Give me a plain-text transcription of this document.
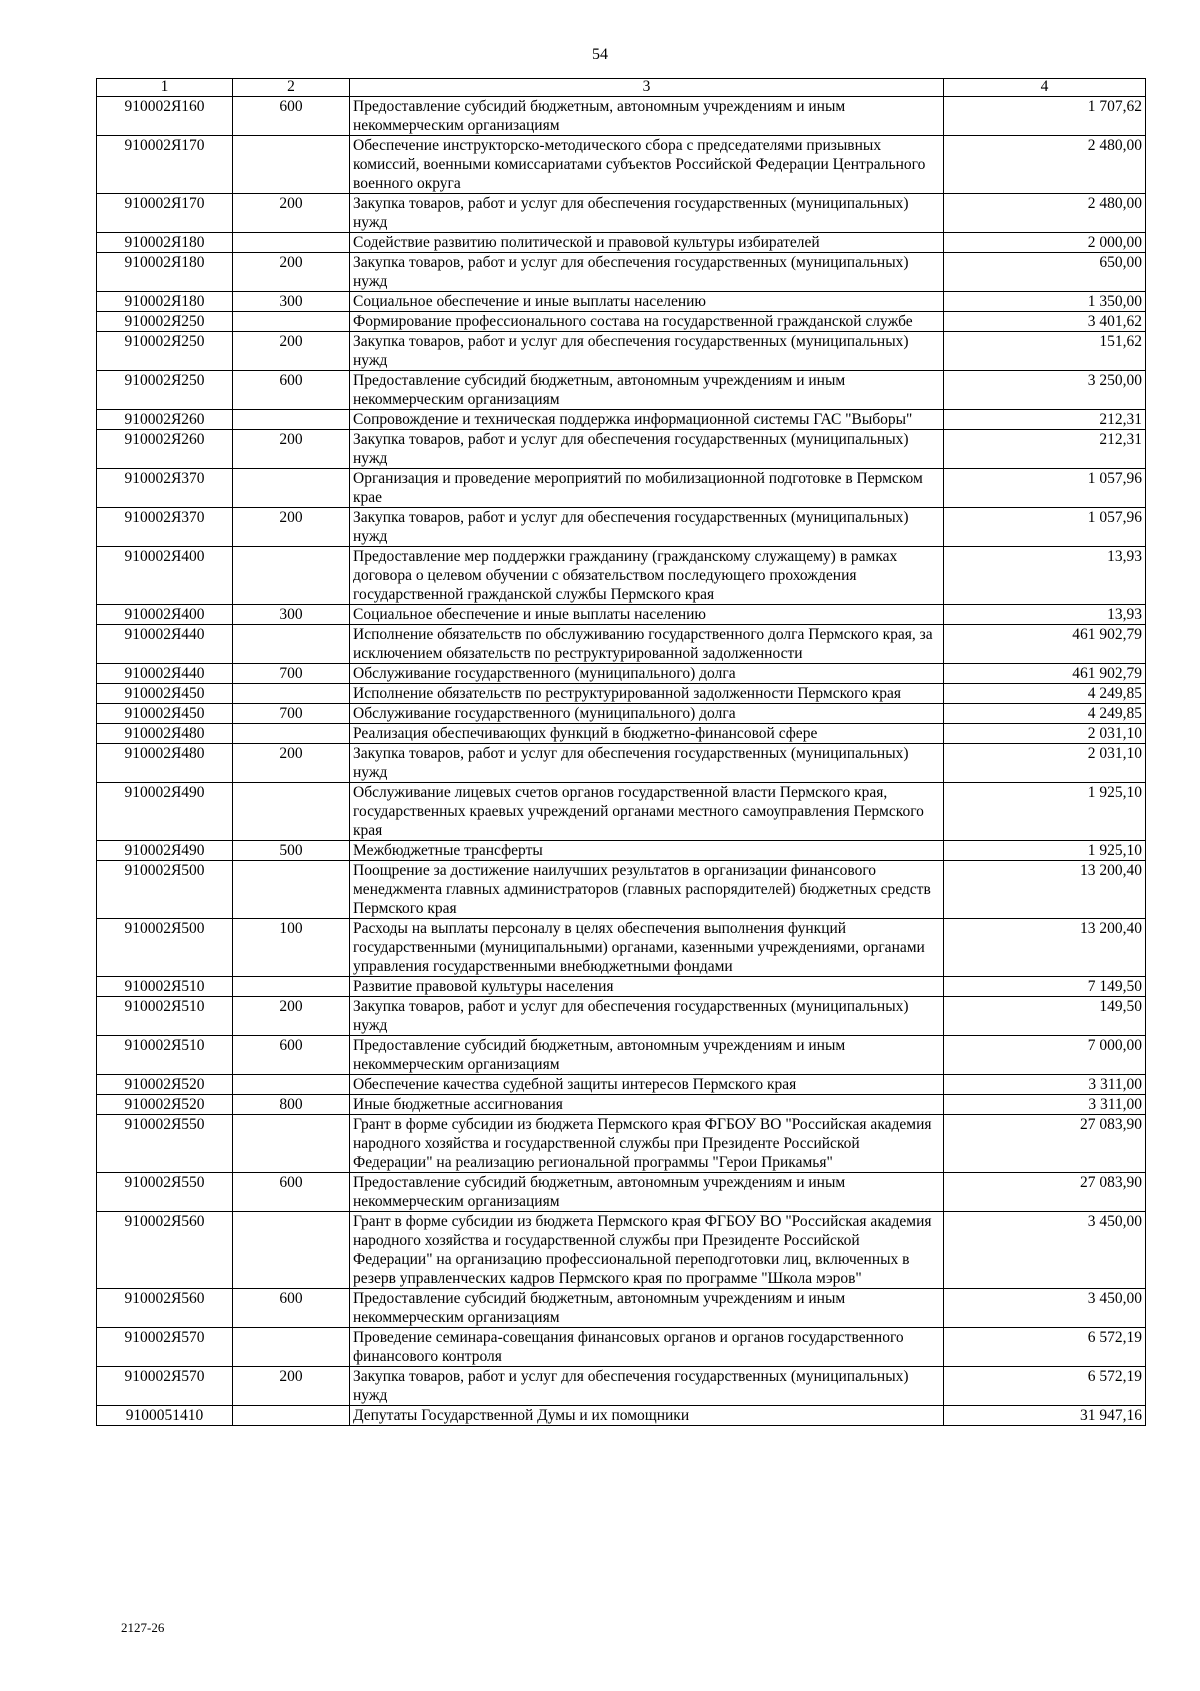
54
1	2	3	4
910002Я160	600	Предоставление субсидий бюджетным, автономным учреждениям и иным некоммерческим организациям	1 707,62
910002Я170		Обеспечение инструкторско-методического сбора с председателями призывных комиссий, военными комиссариатами субъектов Российской Федерации Центрального военного округа	2 480,00
910002Я170	200	Закупка товаров, работ и услуг для обеспечения государственных (муниципальных) нужд	2 480,00
910002Я180		Содействие развитию политической и правовой культуры избирателей	2 000,00
910002Я180	200	Закупка товаров, работ и услуг для обеспечения государственных (муниципальных) нужд	650,00
910002Я180	300	Социальное обеспечение и иные выплаты населению	1 350,00
910002Я250		Формирование профессионального состава на государственной гражданской службе	3 401,62
910002Я250	200	Закупка товаров, работ и услуг для обеспечения государственных (муниципальных) нужд	151,62
910002Я250	600	Предоставление субсидий бюджетным, автономным учреждениям и иным некоммерческим организациям	3 250,00
910002Я260		Сопровождение и техническая поддержка информационной системы ГАС "Выборы"	212,31
910002Я260	200	Закупка товаров, работ и услуг для обеспечения государственных (муниципальных) нужд	212,31
910002Я370		Организация и проведение мероприятий по мобилизационной подготовке в Пермском крае	1 057,96
910002Я370	200	Закупка товаров, работ и услуг для обеспечения государственных (муниципальных) нужд	1 057,96
910002Я400		Предоставление мер поддержки гражданину (гражданскому служащему) в рамках договора о целевом обучении с обязательством последующего прохождения государственной гражданской службы Пермского края	13,93
910002Я400	300	Социальное обеспечение и иные выплаты населению	13,93
910002Я440		Исполнение обязательств по обслуживанию государственного долга Пермского края, за исключением обязательств по реструктурированной задолженности	461 902,79
910002Я440	700	Обслуживание государственного (муниципального) долга	461 902,79
910002Я450		Исполнение обязательств по реструктурированной задолженности Пермского края	4 249,85
910002Я450	700	Обслуживание государственного (муниципального) долга	4 249,85
910002Я480		Реализация обеспечивающих функций в бюджетно-финансовой сфере	2 031,10
910002Я480	200	Закупка товаров, работ и услуг для обеспечения государственных (муниципальных) нужд	2 031,10
910002Я490		Обслуживание лицевых счетов органов государственной власти Пермского края, государственных краевых учреждений органами местного самоуправления Пермского края	1 925,10
910002Я490	500	Межбюджетные трансферты	1 925,10
910002Я500		Поощрение за достижение наилучших результатов в организации финансового менеджмента главных администраторов (главных распорядителей) бюджетных средств Пермского края	13 200,40
910002Я500	100	Расходы на выплаты персоналу в целях обеспечения выполнения функций государственными (муниципальными) органами, казенными учреждениями, органами управления государственными внебюджетными фондами	13 200,40
910002Я510		Развитие правовой культуры населения	7 149,50
910002Я510	200	Закупка товаров, работ и услуг для обеспечения государственных (муниципальных) нужд	149,50
910002Я510	600	Предоставление субсидий бюджетным, автономным учреждениям и иным некоммерческим организациям	7 000,00
910002Я520		Обеспечение качества судебной защиты интересов Пермского края	3 311,00
910002Я520	800	Иные бюджетные ассигнования	3 311,00
910002Я550		Грант в форме субсидии из бюджета Пермского края ФГБОУ ВО "Российская академия народного хозяйства и государственной службы при Президенте Российской Федерации" на реализацию региональной программы "Герои Прикамья"	27 083,90
910002Я550	600	Предоставление субсидий бюджетным, автономным учреждениям и иным некоммерческим организациям	27 083,90
910002Я560		Грант в форме субсидии из бюджета Пермского края ФГБОУ ВО "Российская академия народного хозяйства и государственной службы при Президенте Российской Федерации" на организацию профессиональной переподготовки лиц, включенных в резерв управленческих кадров Пермского края по программе "Школа мэров"	3 450,00
910002Я560	600	Предоставление субсидий бюджетным, автономным учреждениям и иным некоммерческим организациям	3 450,00
910002Я570		Проведение семинара-совещания финансовых органов и органов государственного финансового контроля	6 572,19
910002Я570	200	Закупка товаров, работ и услуг для обеспечения государственных (муниципальных) нужд	6 572,19
9100051410		Депутаты Государственной Думы и их помощники	31 947,16
2127-26
